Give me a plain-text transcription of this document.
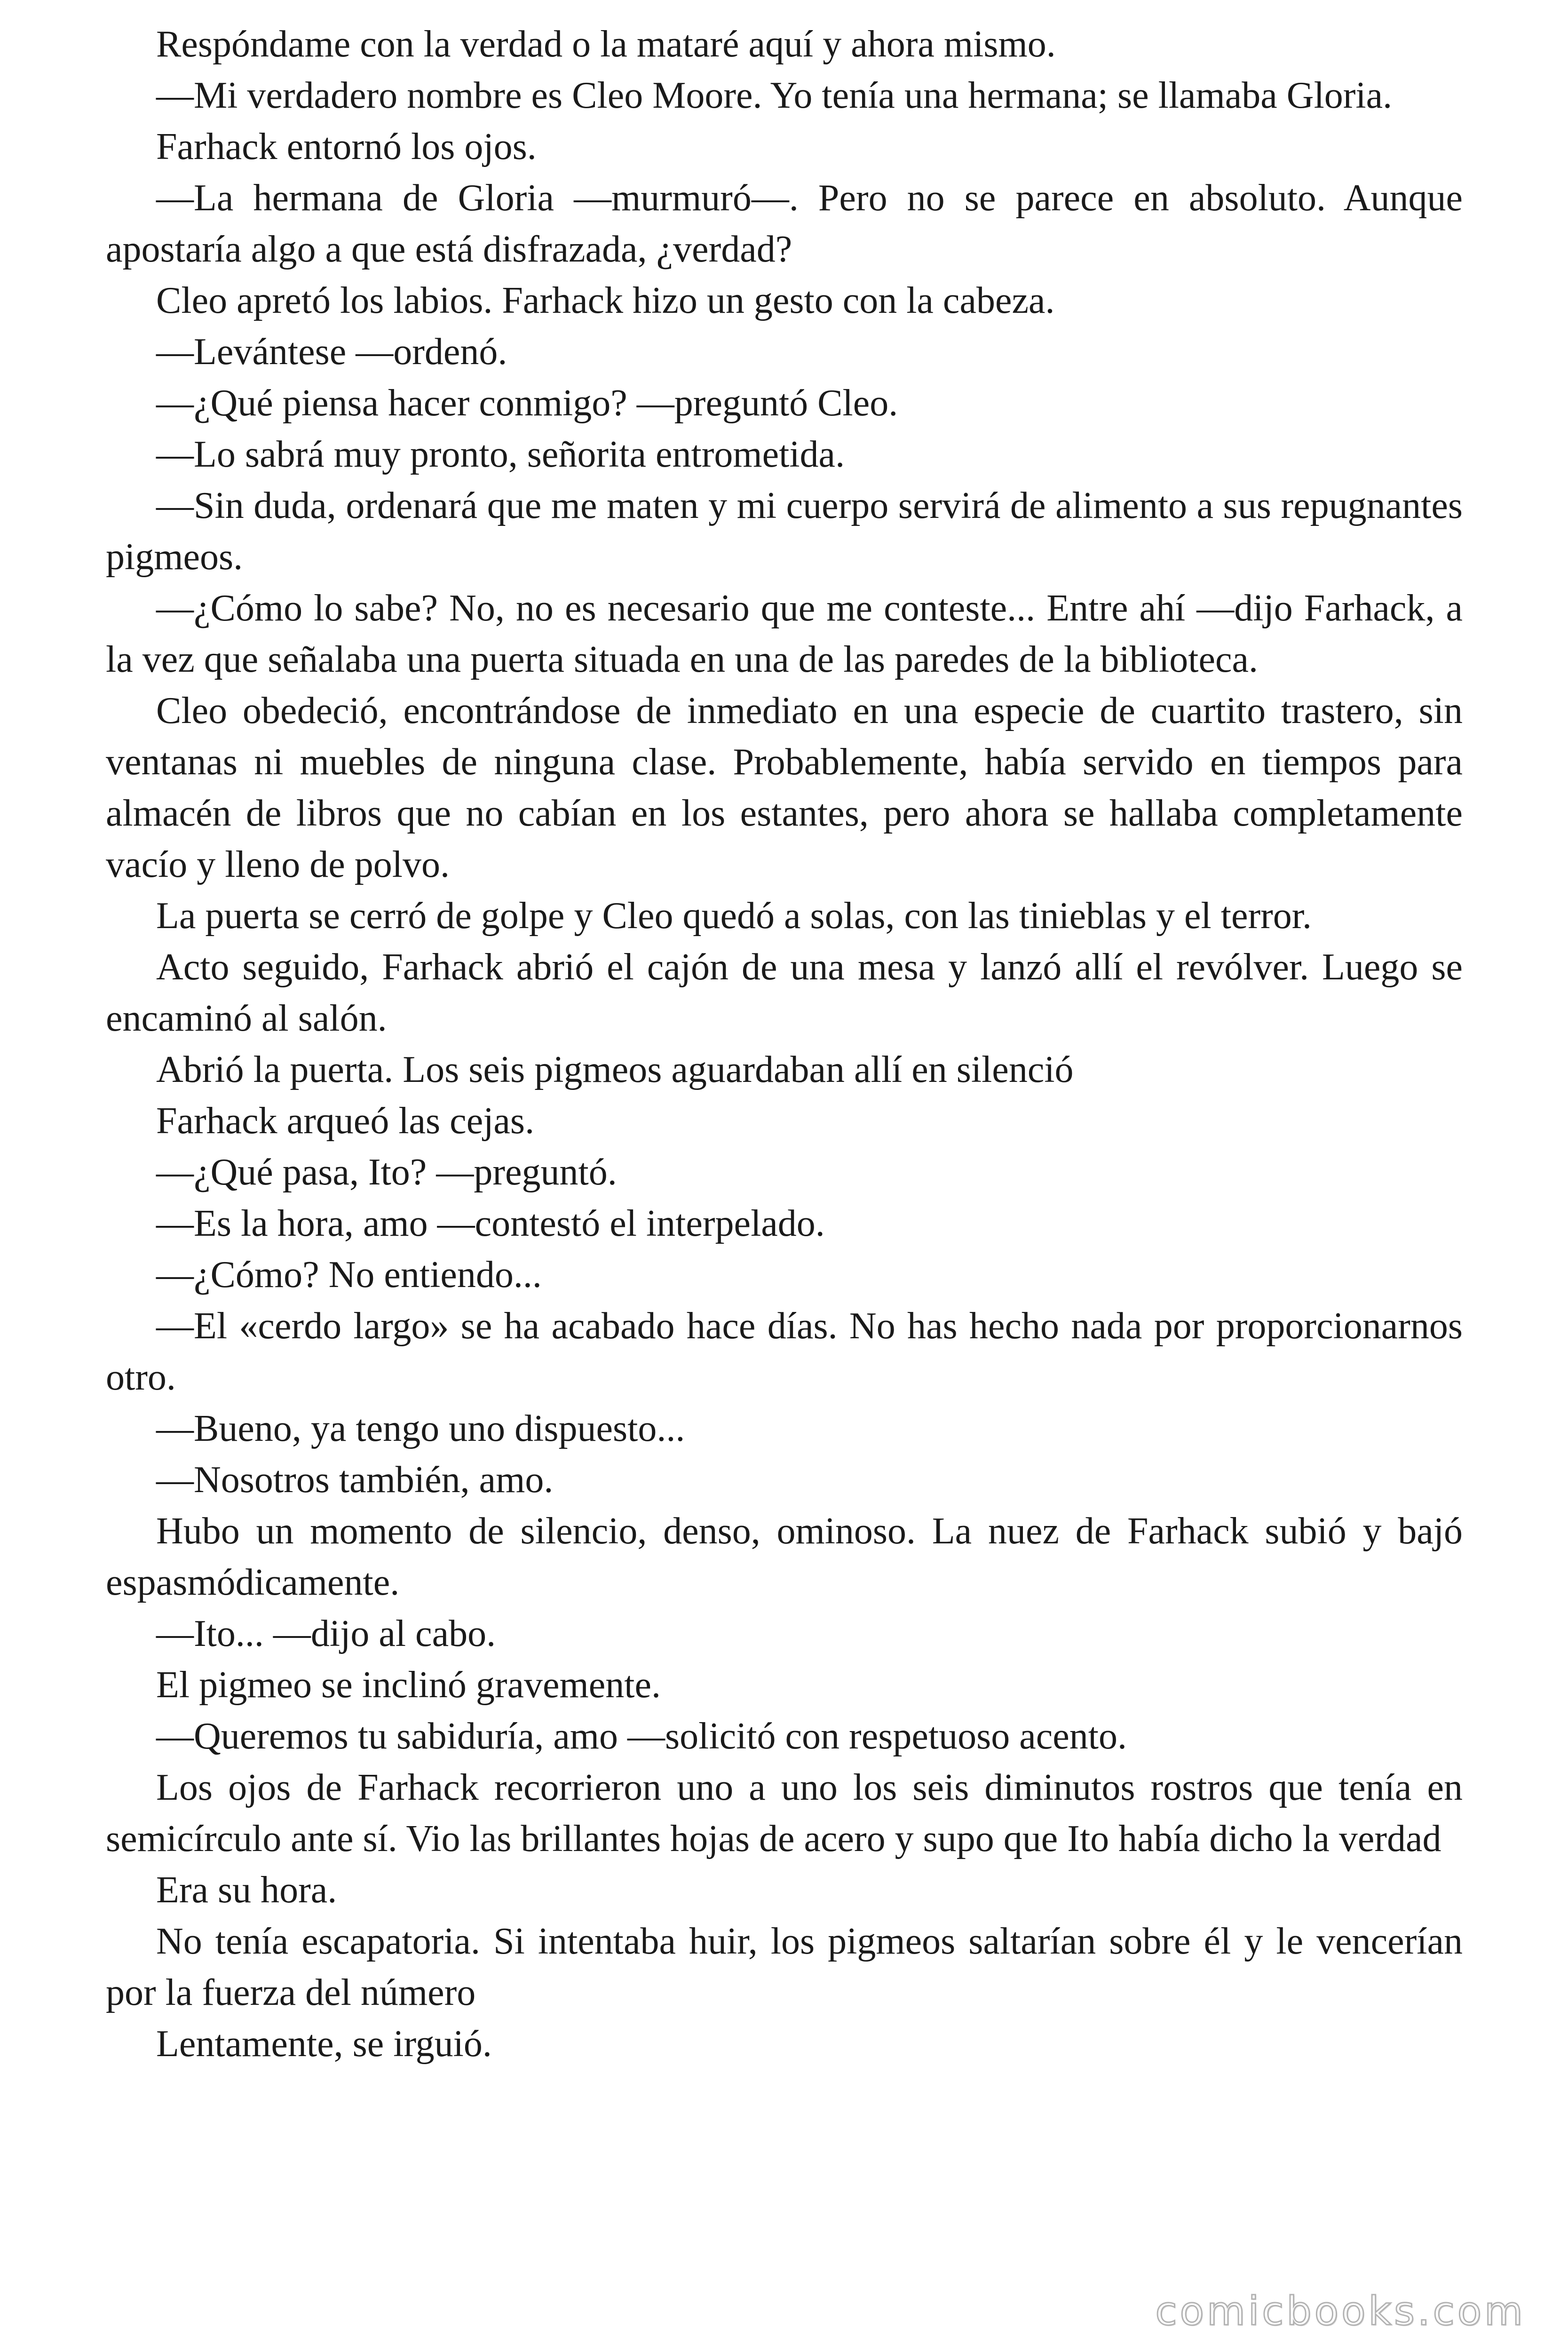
Respóndame con la verdad o la mataré aquí y ahora mismo.

—Mi verdadero nombre es Cleo Moore. Yo tenía una hermana; se llamaba Gloria.

Farhack entornó los ojos.

—La hermana de Gloria —murmuró—. Pero no se parece en absoluto. Aunque apostaría algo a que está disfrazada, ¿verdad?

Cleo apretó los labios. Farhack hizo un gesto con la cabeza.

—Levántese —ordenó.

—¿Qué piensa hacer conmigo? —preguntó Cleo.

—Lo sabrá muy pronto, señorita entrometida.

—Sin duda, ordenará que me maten y mi cuerpo servirá de alimento a sus repugnantes pigmeos.

—¿Cómo lo sabe? No, no es necesario que me conteste... Entre ahí —dijo Farhack, a la vez que señalaba una puerta situada en una de las paredes de la biblioteca.

Cleo obedeció, encontrándose de inmediato en una especie de cuartito trastero, sin ventanas ni muebles de ninguna clase. Probablemente, había servido en tiempos para almacén de libros que no cabían en los estantes, pero ahora se hallaba completamente vacío y lleno de polvo.

La puerta se cerró de golpe y Cleo quedó a solas, con las tinieblas y el terror.

Acto seguido, Farhack abrió el cajón de una mesa y lanzó allí el revólver. Luego se encaminó al salón.

Abrió la puerta. Los seis pigmeos aguardaban allí en silenció

Farhack arqueó las cejas.

—¿Qué pasa, Ito? —preguntó.

—Es la hora, amo —contestó el interpelado.

—¿Cómo? No entiendo...

—El «cerdo largo» se ha acabado hace días. No has hecho nada por proporcionarnos otro.

—Bueno, ya tengo uno dispuesto...

—Nosotros también, amo.

Hubo un momento de silencio, denso, ominoso. La nuez de Farhack subió y bajó espasmódicamente.

—Ito... —dijo al cabo.

El pigmeo se inclinó gravemente.

—Queremos tu sabiduría, amo —solicitó con respetuoso acento.

Los ojos de Farhack recorrieron uno a uno los seis diminutos rostros que tenía en semicírculo ante sí. Vio las brillantes hojas de acero y supo que Ito había dicho la verdad

Era su hora.

No tenía escapatoria. Si intentaba huir, los pigmeos saltarían sobre él y le vencerían por la fuerza del número

Lentamente, se irguió.

comicbooks.com
